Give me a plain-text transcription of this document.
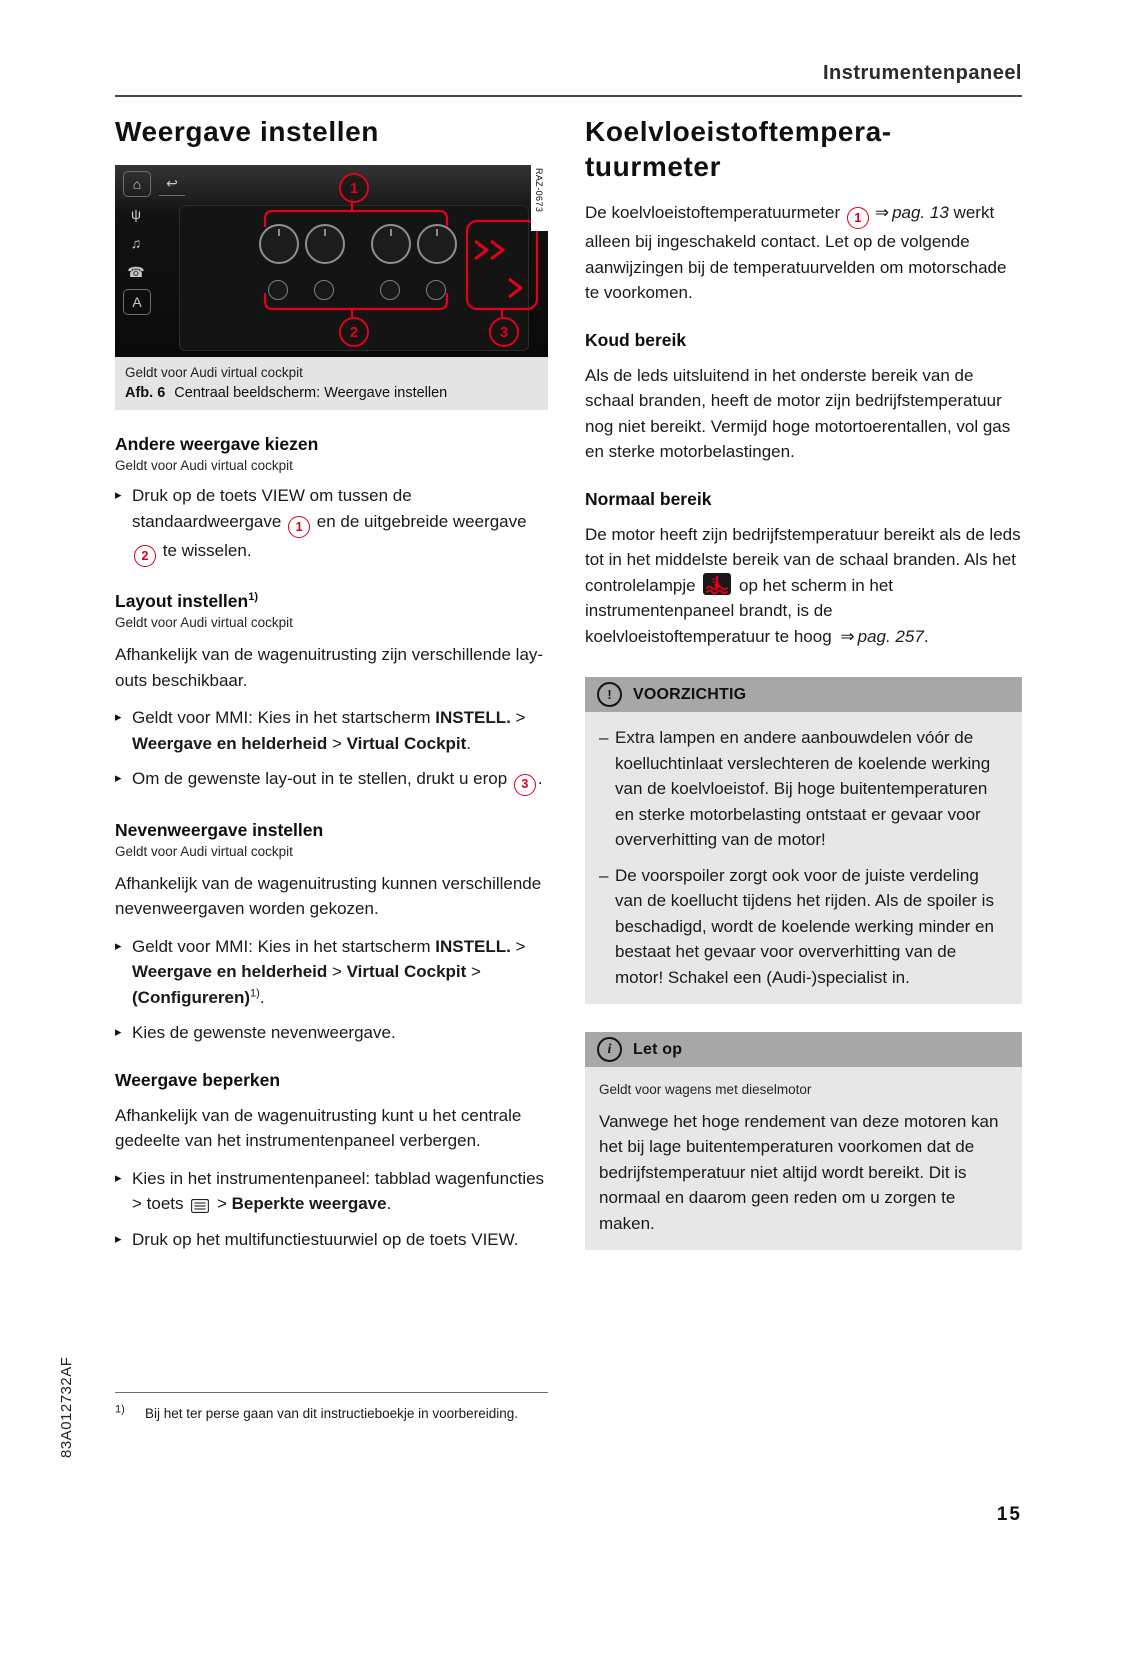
Instrumentenpaneel
Weergave instellen
⌂
ψ
♫
☎
A
↩	1
2	3
RAZ-0673
Geldt voor Audi virtual cockpit
Afb. 6 Centraal beeldscherm: Weergave instellen
Andere weergave kiezen
Geldt voor Audi virtual cockpit
▸ Druk op de toets VIEW om tussen de standaardweergave 1 en de uitgebreide weergave 2 te wisselen.
Layout instellen$^{1)}$
Geldt voor Audi virtual cockpit

Afhankelijk van de wagenuitrusting zijn verschillende lay-outs beschikbaar.

▸ Geldt voor MMI: Kies in het startscherm INSTELL. > Weergave en helderheid > Virtual Cockpit.
▸ Om de gewenste lay-out in te stellen, drukt u erop 3 .
Nevenweergave instellen
Geldt voor Audi virtual cockpit

Afhankelijk van de wagenuitrusting kunnen verschillende nevenweergaven worden gekozen.

▸ Geldt voor MMI: Kies in het startscherm INSTELL. > Weergave en helderheid > Virtual Cockpit > (Configureren)$^{1)}$.
▸ Kies de gewenste nevenweergave.
Weergave beperken

Afhankelijk van de wagenuitrusting kunt u het centrale gedeelte van het instrumentenpaneel verbergen.

▸ Kies in het instrumentenpaneel: tabblad wagenfuncties > toets  > Beperkte weergave.
▸ Druk op het multifunctiestuurwiel op de toets VIEW.
Koelvloeistoftempera-
tuurmeter

De koelvloeistoftemperatuurmeter 1 ⇒ pag. 13 werkt alleen bij ingeschakeld contact. Let op de volgende aanwijzingen bij de temperatuurvelden om motorschade te voorkomen.

Koud bereik

Als de leds uitsluitend in het onderste bereik van de schaal branden, heeft de motor zijn bedrijfstemperatuur nog niet bereikt. Vermijd hoge motortoerentallen, vol gas en sterke motorbelastingen.

Normaal bereik

De motor heeft zijn bedrijfstemperatuur bereikt als de leds tot in het middelste bereik van de schaal branden. Als het controlelampje  op het scherm in het instrumentenpaneel brandt, is de koelvloeistoftemperatuur te hoog ⇒ pag. 257.

!	VOORZICHTIG
– Extra lampen en andere aanbouwdelen vóór de koelluchtinlaat verslechteren de koelende werking van de koelvloeistof. Bij hoge buitentemperaturen en sterke motorbelasting ontstaat er gevaar voor oververhitting van de motor!
– De voorspoiler zorgt ook voor de juiste verdeling van de koellucht tijdens het rijden. Als de spoiler is beschadigd, wordt de koelende werking minder en bestaat het gevaar voor oververhitting van de motor! Schakel een (Audi-)specialist in.
i	Let op
Geldt voor wagens met dieselmotor

Vanwege het hoge rendement van deze motoren kan het bij lage buitentemperaturen voorkomen dat de bedrijfstemperatuur niet altijd wordt bereikt. Dit is normaal en daarom geen reden om u zorgen te maken.

$^{1)}$	Bij het ter perse gaan van dit instructieboekje in voorbereiding.
83A012732AF
15
